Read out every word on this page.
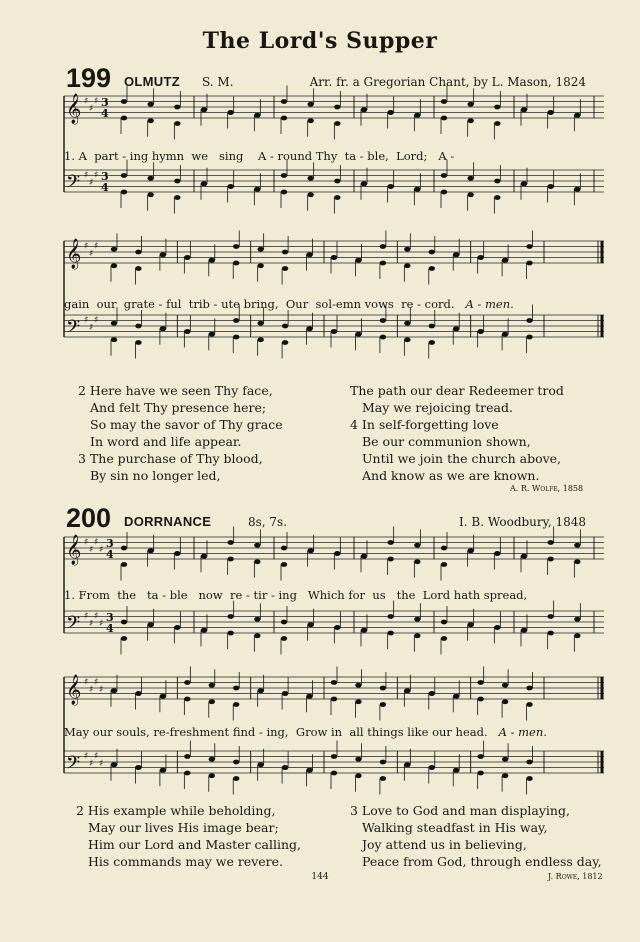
The Lord's Supper
199 OLMUTZ S. M.	Arr. fr. a Gregorian Chant, by L. Mason, 1824
1. A  part - ing hymn  we   sing    A - round Thy  ta - ble,  Lord;   A -
𝄞 ♯
♯
♯ 3
4
𝄢 ♯
♯
♯ 3
4
gain  our  grate - ful  trib - ute bring,  Our  sol-emn vows  re - cord. A - men.
𝄞 ♯
♯
♯
𝄢 ♯
♯
♯
2 Here have we seen Thy face,
And felt Thy presence here;
So may the savor of Thy grace
In word and life appear.
3 The purchase of Thy blood,
By sin no longer led,
The path our dear Redeemer trod
May we rejoicing tread.
4 In self-forgetting love
Be our communion shown,
Until we join the church above,
And know as we are known.
A. R. Wolfe, 1858
200 DORRNANCE	8s, 7s.	I. B. Woodbury, 1848
1. From  the   ta - ble   now  re - tir - ing   Which for  us   the  Lord hath spread,
𝄞 ♯
♯
♯
♯
3
4
𝄢 ♯
♯
♯
♯
3
4
May our souls, re-freshment find - ing,  Grow in  all things like our head. A - men.
𝄞 ♯
♯
♯
♯
𝄢 ♯
♯
♯
♯
2 His example while beholding,
May our lives His image bear;
Him our Lord and Master calling,
His commands may we revere.
3 Love to God and man displaying,
Walking steadfast in His way,
Joy attend us in believing,
Peace from God, through endless day,
144	J. Rowe, 1812
